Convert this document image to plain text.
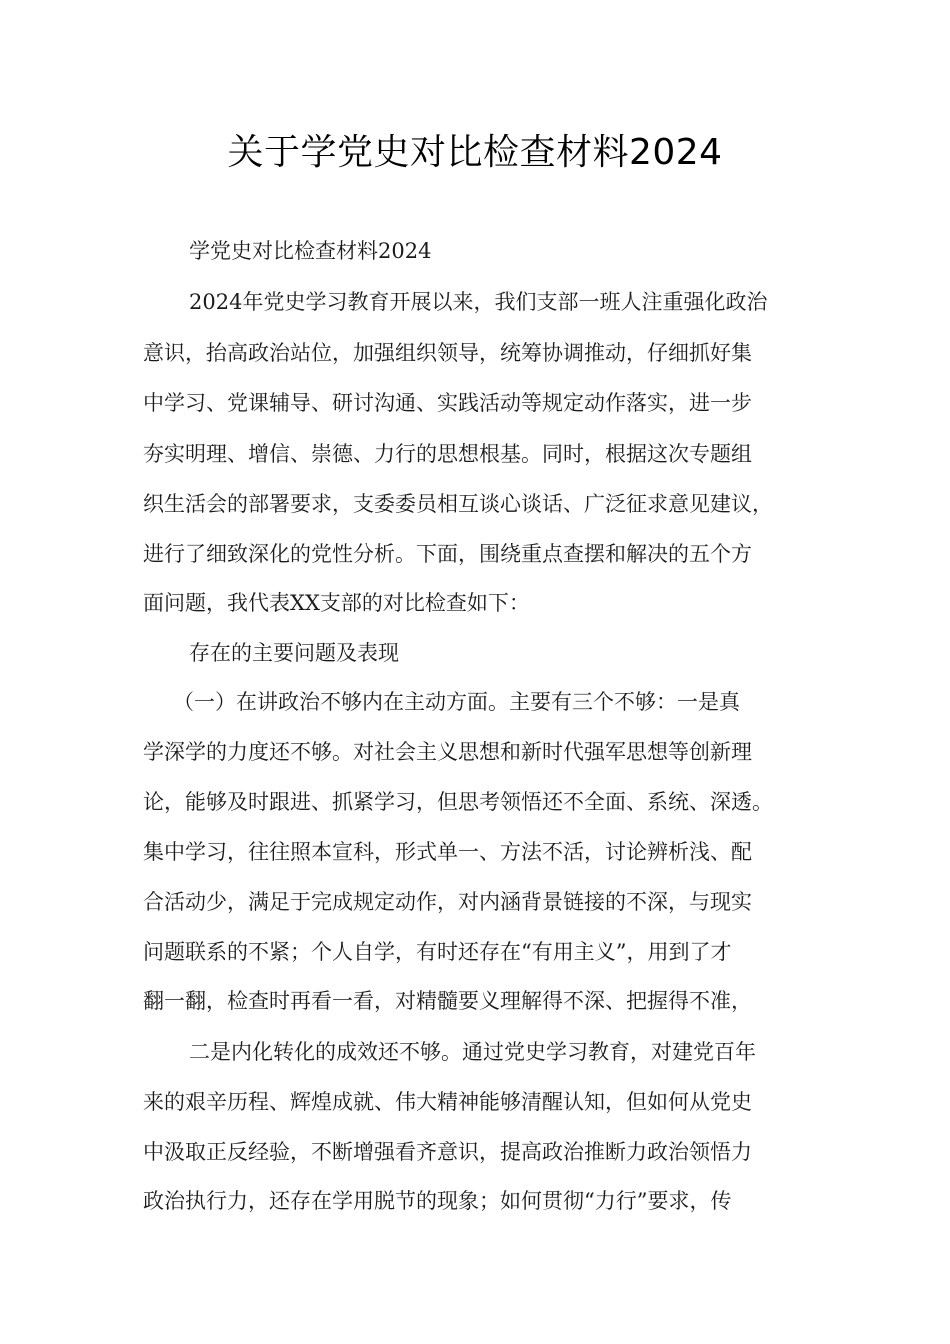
关于学党史对比检查材料2024
学党史对比检查材料2024
2024年党史学习教育开展以来，我们支部一班人注重强化政治
意识，抬高政治站位，加强组织领导，统筹协调推动，仔细抓好集
中学习、党课辅导、研讨沟通、实践活动等规定动作落实，进一步
夯实明理、增信、崇德、力行的思想根基。同时，根据这次专题组
织生活会的部署要求，支委委员相互谈心谈话、广泛征求意见建议，
进行了细致深化的党性分析。下面，围绕重点查摆和解决的五个方
面问题，我代表XX支部的对比检查如下：
存在的主要问题及表现
（一）在讲政治不够内在主动方面。主要有三个不够：一是真
学深学的力度还不够。对社会主义思想和新时代强军思想等创新理
论，能够及时跟进、抓紧学习，但思考领悟还不全面、系统、深透。
集中学习，往往照本宣科，形式单一、方法不活，讨论辨析浅、配
合活动少，满足于完成规定动作，对内涵背景链接的不深，与现实
问题联系的不紧；个人自学，有时还存在“有用主义”，用到了才
翻一翻，检查时再看一看，对精髓要义理解得不深、把握得不准，
二是内化转化的成效还不够。通过党史学习教育，对建党百年
来的艰辛历程、辉煌成就、伟大精神能够清醒认知，但如何从党史
中汲取正反经验，不断增强看齐意识，提高政治推断力政治领悟力
政治执行力，还存在学用脱节的现象；如何贯彻“力行”要求，传
